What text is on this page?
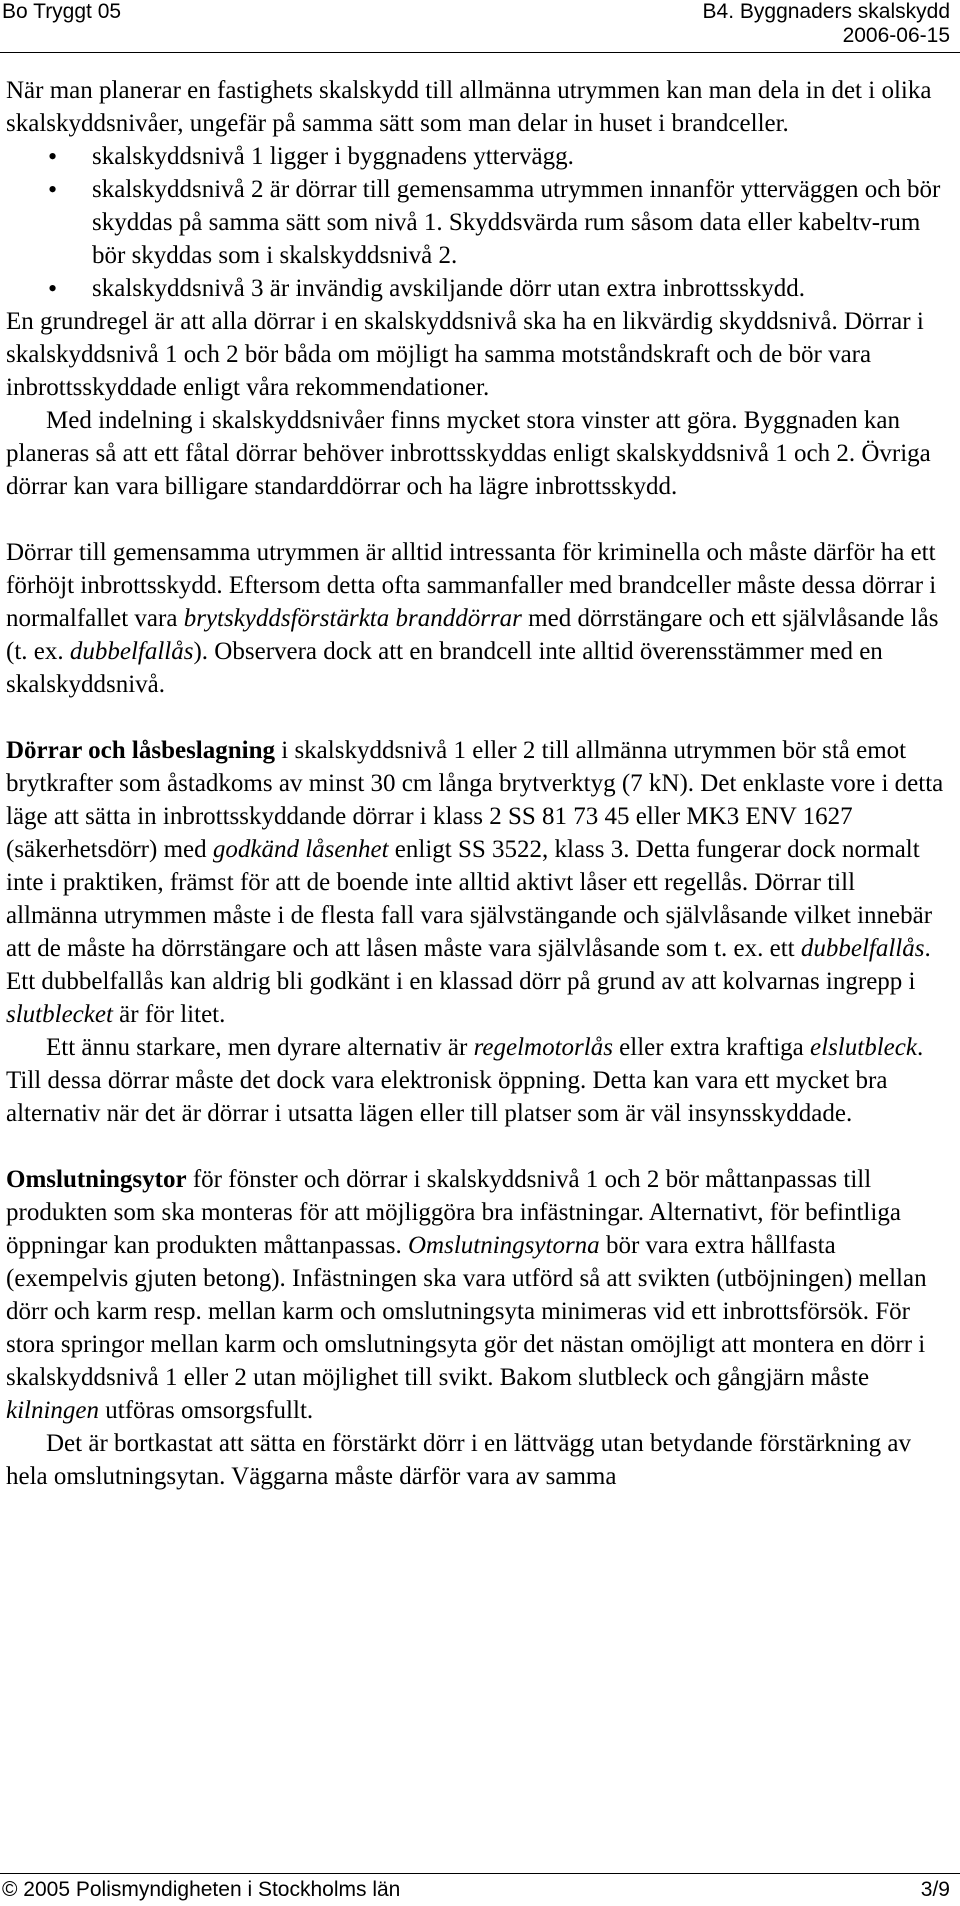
Bo Tryggt 05	B4. Byggnaders skalskydd
2006-06-15

När man planerar en fastighets skalskydd till allmänna utrymmen kan man dela in det i olika skalskyddsnivåer, ungefär på samma sätt som man delar in huset i brandceller.

• skalskyddsnivå 1 ligger i byggnadens yttervägg.
• skalskyddsnivå 2 är dörrar till gemensamma utrymmen innanför ytterväggen och bör skyddas på samma sätt som nivå 1. Skyddsvärda rum såsom data eller kabeltv-rum bör skyddas som i skalskyddsnivå 2.
• skalskyddsnivå 3 är invändig avskiljande dörr utan extra inbrottsskydd.

En grundregel är att alla dörrar i en skalskyddsnivå ska ha en likvärdig skyddsnivå. Dörrar i skalskyddsnivå 1 och 2 bör båda om möjligt ha samma motståndskraft och de bör vara inbrottsskyddade enligt våra rekommendationer.

Med indelning i skalskyddsnivåer finns mycket stora vinster att göra. Byggnaden kan planeras så att ett fåtal dörrar behöver inbrottsskyddas enligt skalskyddsnivå 1 och 2. Övriga dörrar kan vara billigare standarddörrar och ha lägre inbrottsskydd.

Dörrar till gemensamma utrymmen är alltid intressanta för kriminella och måste därför ha ett förhöjt inbrottsskydd. Eftersom detta ofta sammanfaller med brandceller måste dessa dörrar i normalfallet vara brytskyddsförstärkta branddörrar med dörrstängare och ett självlåsande lås (t. ex. dubbelfallås). Observera dock att en brandcell inte alltid överensstämmer med en skalskyddsnivå.

Dörrar och låsbeslagning i skalskyddsnivå 1 eller 2 till allmänna utrymmen bör stå emot brytkrafter som åstadkoms av minst 30 cm långa brytverktyg (7 kN). Det enklaste vore i detta läge att sätta in inbrottsskyddande dörrar i klass 2 SS 81 73 45 eller MK3 ENV 1627 (säkerhetsdörr) med godkänd låsenhet enligt SS 3522, klass 3. Detta fungerar dock normalt inte i praktiken, främst för att de boende inte alltid aktivt låser ett regellås. Dörrar till allmänna utrymmen måste i de flesta fall vara självstängande och självlåsande vilket innebär att de måste ha dörrstängare och att låsen måste vara självlåsande som t. ex. ett dubbelfallås. Ett dubbelfallås kan aldrig bli godkänt i en klassad dörr på grund av att kolvarnas ingrepp i slutblecket är för litet.

Ett ännu starkare, men dyrare alternativ är regelmotorlås eller extra kraftiga elslutbleck. Till dessa dörrar måste det dock vara elektronisk öppning. Detta kan vara ett mycket bra alternativ när det är dörrar i utsatta lägen eller till platser som är väl insynsskyddade.

Omslutningsytor för fönster och dörrar i skalskyddsnivå 1 och 2 bör måttanpassas till produkten som ska monteras för att möjliggöra bra infästningar. Alternativt, för befintliga öppningar kan produkten måttanpassas. Omslutningsytorna bör vara extra hållfasta (exempelvis gjuten betong). Infästningen ska vara utförd så att svikten (utböjningen) mellan dörr och karm resp. mellan karm och omslutningsyta minimeras vid ett inbrottsförsök. För stora springor mellan karm och omslutningsyta gör det nästan omöjligt att montera en dörr i skalskyddsnivå 1 eller 2 utan möjlighet till svikt. Bakom slutbleck och gångjärn måste kilningen utföras omsorgsfullt.

Det är bortkastat att sätta en förstärkt dörr i en lättvägg utan betydande förstärkning av hela omslutningsytan. Väggarna måste därför vara av samma

© 2005 Polismyndigheten i Stockholms län	3/9
